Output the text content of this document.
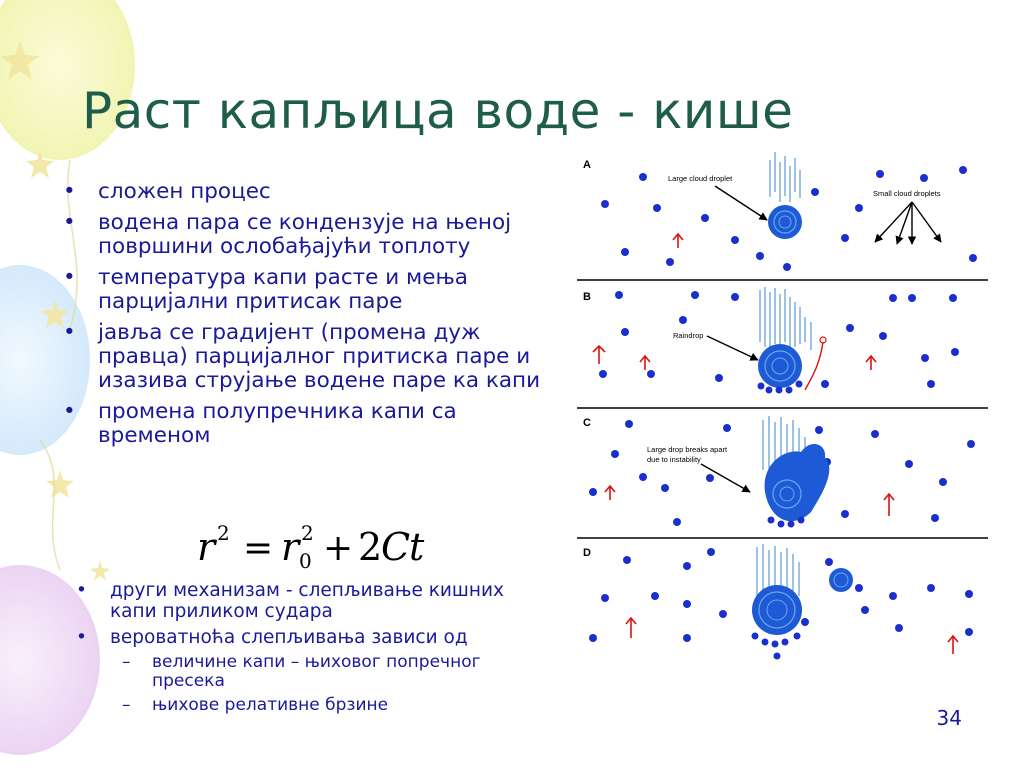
Раст капљица воде - кише
• сложен процес
• водена пара се кондензује на њеној површини ослобађајући топлоту
• температура капи расте и мења парцијални притисак паре
• јавља се градијент (промена дуж правца) парцијалног притиска паре и изазива струјање водене паре ка капи
• промена полупречника капи са временом
r 2 = r 2
0 + 2
C
t
• други механизам - слепљивање кишних капи приликом судара
• вероватноћа слепљивања зависи од
– величине капи – њиховог попречног пресека
– њихове релативне брзине
A
B
C
D
Large cloud droplet
Small cloud droplets
Raindrop
Large drop breaks apart
due to instability
34
